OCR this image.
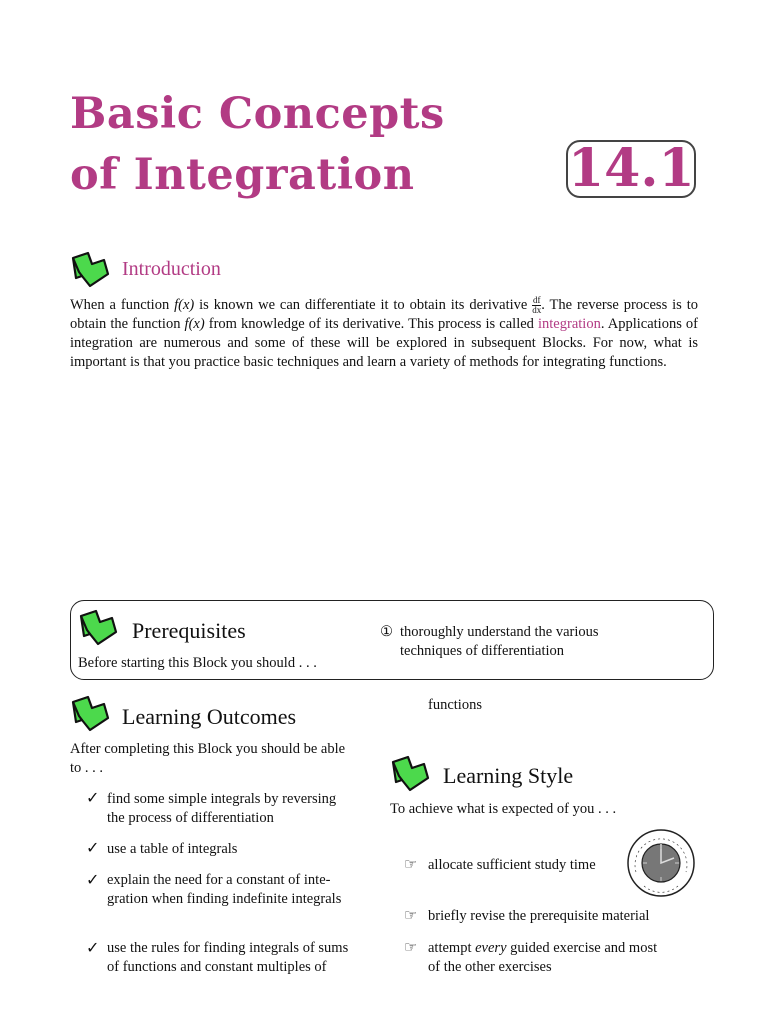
Basic Concepts
of Integration	14.1
Introduction
When a function f(x) is known we can differentiate it to obtain its derivative $\frac{df}{dx}$ . The reverse process is to obtain the function f(x) from knowledge of its derivative. This process is called integration. Applications of integration are numerous and some of these will be explored in subsequent Blocks. For now, what is important is that you practice basic techniques and learn a variety of methods for integrating functions.
Prerequisites
Before starting this Block you should . . .
① thoroughly understand the various
techniques of differentiation
functions
Learning Outcomes
After completing this Block you should be able
to . . .
✓ find some simple integrals by reversing
the process of differentiation
✓ use a table of integrals
✓ explain the need for a constant of inte-
gration when finding indefinite integrals
✓ use the rules for finding integrals of sums
of functions and constant multiples of
Learning Style
To achieve what is expected of you . . .
☞ allocate sufficient study time
☞ briefly revise the prerequisite material
☞ attempt every guided exercise and most
of the other exercises
